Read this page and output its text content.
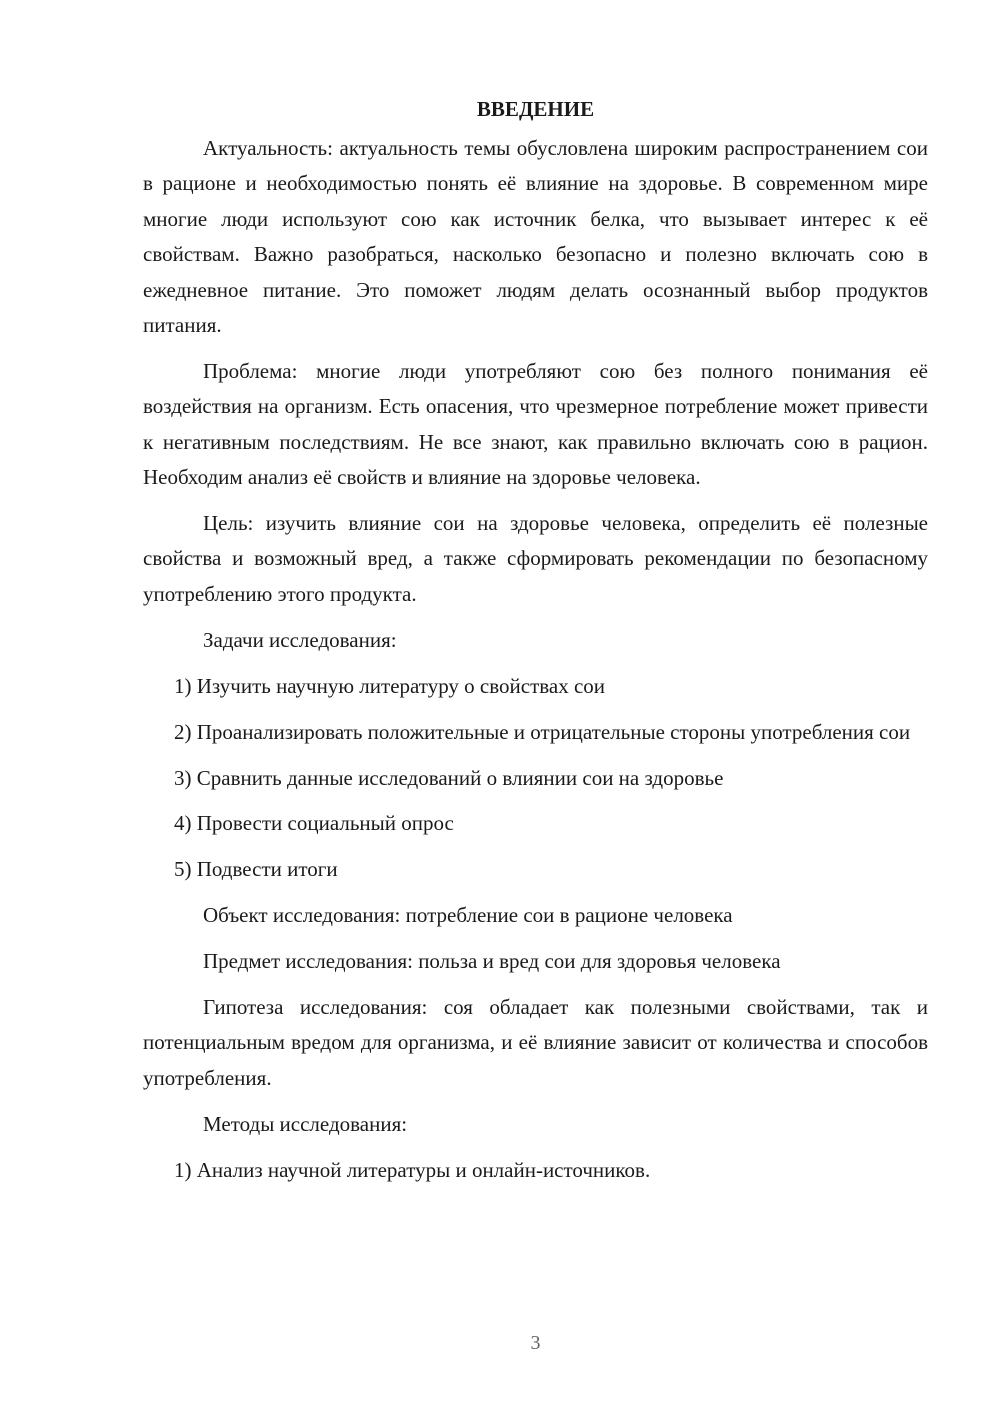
ВВЕДЕНИЕ

Актуальность: актуальность темы обусловлена широким распространением сои в рационе и необходимостью понять её влияние на здоровье. В современном мире многие люди используют сою как источник белка, что вызывает интерес к её свойствам. Важно разобраться, насколько безопасно и полезно включать сою в ежедневное питание. Это поможет людям делать осознанный выбор продуктов питания.

Проблема: многие люди употребляют сою без полного понимания её воздействия на организм. Есть опасения, что чрезмерное потребление может привести к негативным последствиям. Не все знают, как правильно включать сою в рацион. Необходим анализ её свойств и влияние на здоровье человека.

Цель: изучить влияние сои на здоровье человека, определить её полезные свойства и возможный вред, а также сформировать рекомендации по безопасному употреблению этого продукта.

Задачи исследования:

1) Изучить научную литературу о свойствах сои

2) Проанализировать положительные и отрицательные стороны употребления сои

3) Сравнить данные исследований о влиянии сои на здоровье

4) Провести социальный опрос

5) Подвести итоги

Объект исследования: потребление сои в рационе человека

Предмет исследования: польза и вред сои для здоровья человека

Гипотеза исследования: соя обладает как полезными свойствами, так и потенциальным вредом для организма, и её влияние зависит от количества и способов употребления.

Методы исследования:

1) Анализ научной литературы и онлайн-источников.

3
